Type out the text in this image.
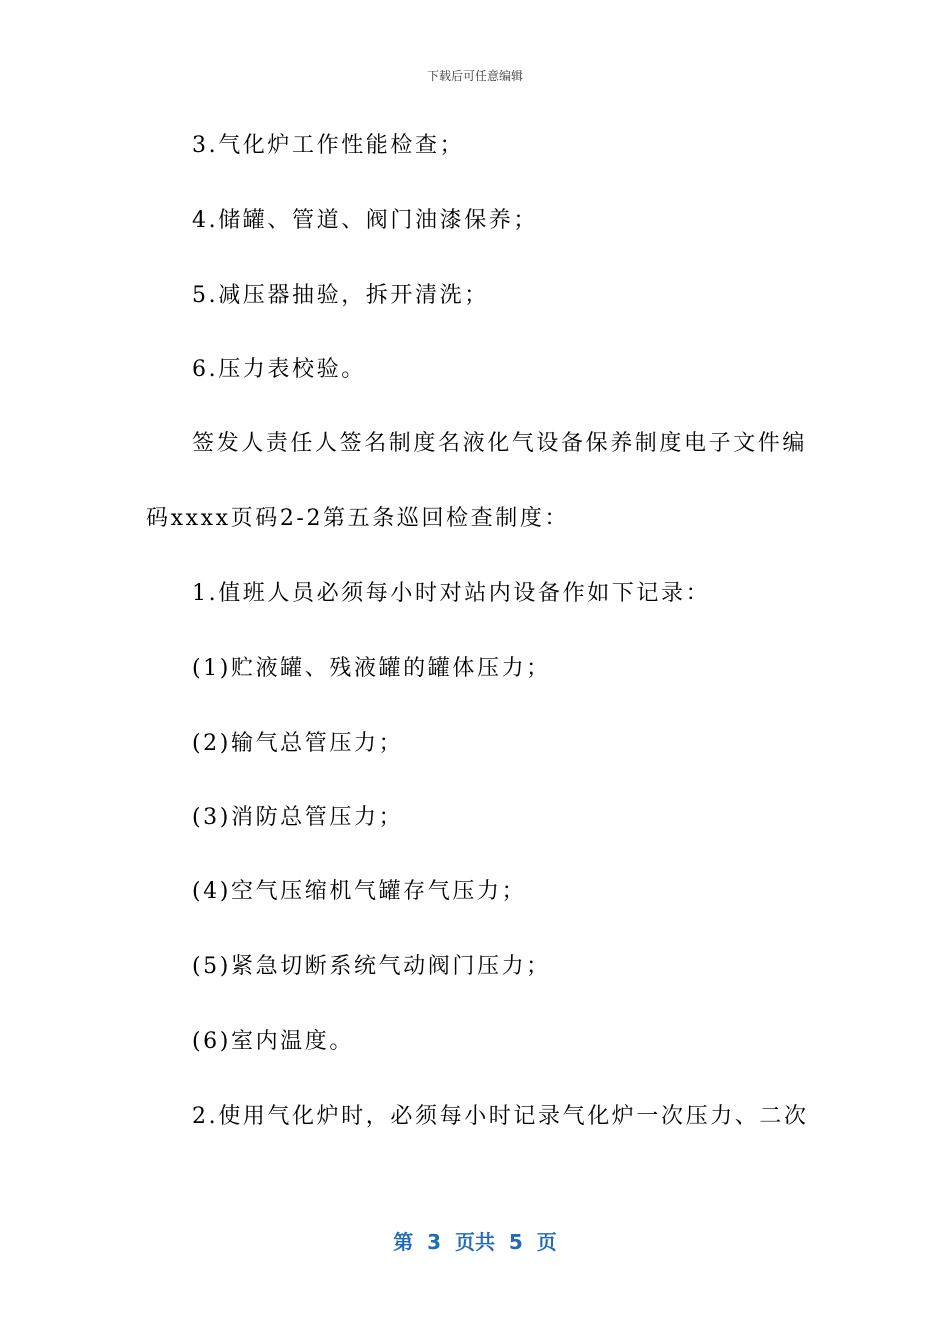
下载后可任意编辑
3.气化炉工作性能检查；
4.储罐、管道、阀门油漆保养；
5.减压器抽验，拆开清洗；
6.压力表校验。
签发人责任人签名制度名液化气设备保养制度电子文件编
码xxxx页码2-2第五条巡回检查制度：
1.值班人员必须每小时对站内设备作如下记录：
(1)贮液罐、残液罐的罐体压力；
(2)输气总管压力；
(3)消防总管压力；
(4)空气压缩机气罐存气压力；
(5)紧急切断系统气动阀门压力；
(6)室内温度。
2.使用气化炉时，必须每小时记录气化炉一次压力、二次
第  3  页共  5  页
